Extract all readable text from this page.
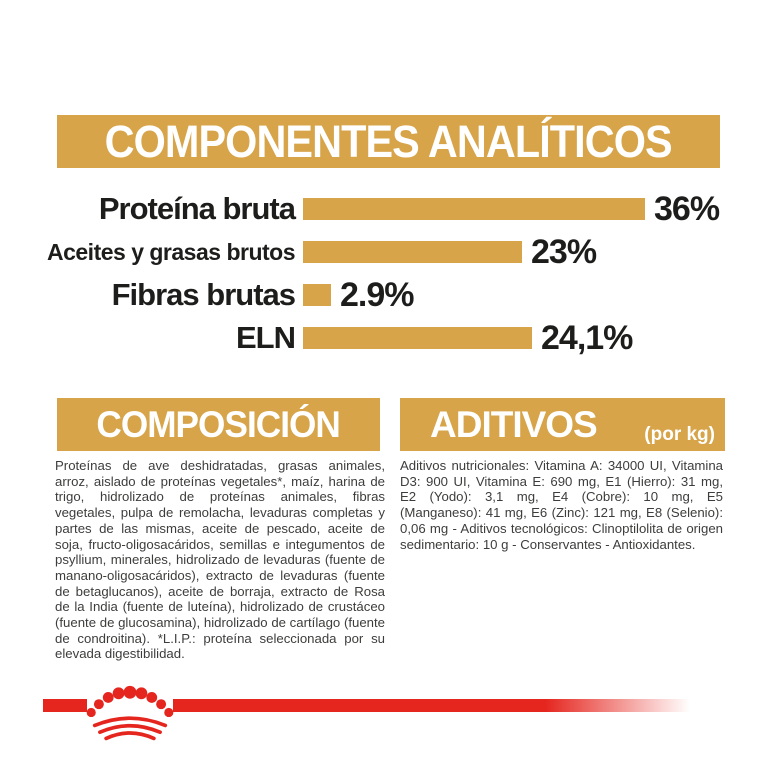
COMPONENTES ANALÍTICOS
Proteína bruta	36%
Aceites y grasas brutos	23%
Fibras brutas 2.9%
ELN	24,1%
COMPOSICIÓN
Proteínas de ave deshidratadas, grasas animales, arroz, aislado de proteínas vegetales*, maíz, harina de trigo, hidrolizado de proteínas animales, fibras vegetales, pulpa de remolacha, levaduras completas y partes de las mismas, aceite de pescado, aceite de soja, fructo-oligosacáridos, semillas e integumentos de psyllium, minerales, hidrolizado de levaduras (fuente de manano-oligosacáridos), extracto de levaduras (fuente de betaglucanos), aceite de borraja, extracto de Rosa de la India (fuente de luteína), hidrolizado de crustáceo (fuente de glucosamina), hidrolizado de cartílago (fuente de condroitina). *L.I.P.: proteína seleccionada por su elevada digestibilidad.
ADITIVOS	(por kg)
Aditivos nutricionales: Vitamina A: 34000 UI, Vitamina D3: 900 UI, Vitamina E: 690 mg, E1 (Hierro): 31 mg, E2 (Yodo): 3,1 mg, E4 (Cobre): 10 mg, E5 (Manganeso): 41 mg, E6 (Zinc): 121 mg, E8 (Selenio): 0,06 mg - Aditivos tecnológicos: Clinoptilolita de origen sedimentario: 10 g - Conservantes - Antioxidantes.
